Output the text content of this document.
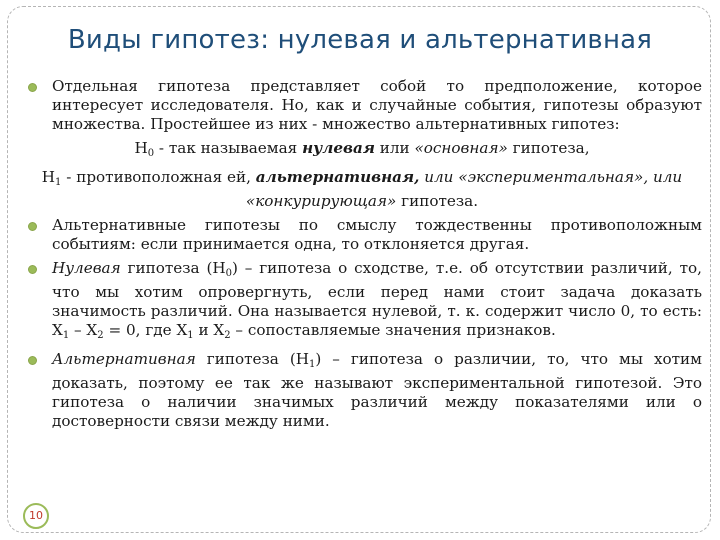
Виды гипотез: нулевая и альтернативная

Отдельная гипотеза представляет собой то предположение, которое интересует исследователя. Но, как и случайные события, гипотезы образуют множества. Простейшее из них - множество альтернативных гипотез:

$H_0$ - так называемая нулевая или «основная» гипотеза,

$H_1$ - противоположная ей, альтернативная, или «экспериментальная», или
«конкурирующая» гипотеза.

Альтернативные гипотезы по смыслу тождественны противоположным событиям: если принимается одна, то отклоняется другая.

Нулевая гипотеза $(H_0)$ – гипотеза о сходстве, т.е. об отсутствии различий, то, что мы хотим опровергнуть, если перед нами стоит задача доказать значимость различий. Она называется нулевой, т. к. содержит число 0, то есть: $X_1 - X_2 = 0$, где $X_1$ и $X_2$ – сопоставляемые значения признаков.

Альтернативная гипотеза $(H_1)$ – гипотеза о различии, то, что мы хотим доказать, поэтому ее так же называют экспериментальной гипотезой. Это гипотеза о наличии значимых различий между показателями или о достоверности связи между ними.

10
